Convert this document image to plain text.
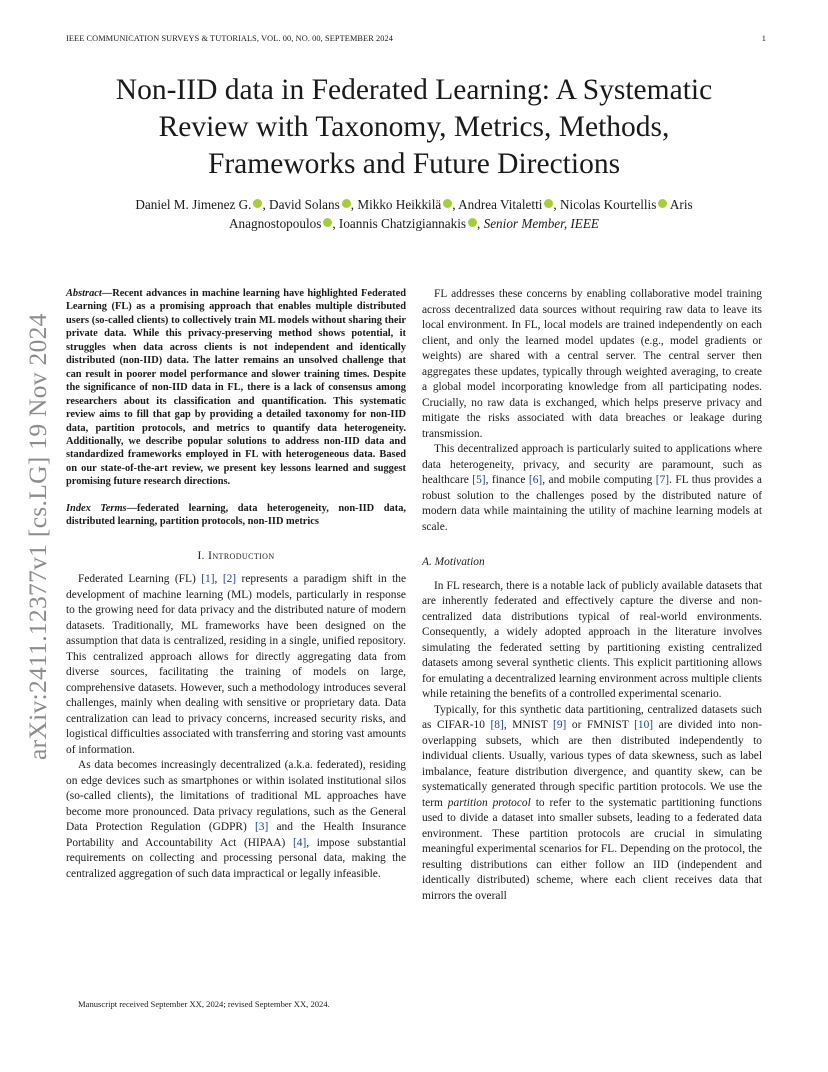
IEEE COMMUNICATION SURVEYS & TUTORIALS, VOL. 00, NO. 00, SEPTEMBER 2024	1
Non-IID data in Federated Learning: A Systematic
Review with Taxonomy, Metrics, Methods,
Frameworks and Future Directions
Daniel M. Jimenez G. , David Solans , Mikko Heikkilä , Andrea Vitaletti , Nicolas Kourtellis Aris
Anagnostopoulos , Ioannis Chatzigiannakis , Senior Member, IEEE
arXiv:2411.12377v1 [cs.LG] 19 Nov 2024

Abstract—Recent advances in machine learning have highlighted Federated Learning (FL) as a promising approach that enables multiple distributed users (so-called clients) to collectively train ML models without sharing their private data. While this privacy-preserving method shows potential, it struggles when data across clients is not independent and identically distributed (non-IID) data. The latter remains an unsolved challenge that can result in poorer model performance and slower training times. Despite the significance of non-IID data in FL, there is a lack of consensus among researchers about its classification and quantification. This systematic review aims to fill that gap by providing a detailed taxonomy for non-IID data, partition protocols, and metrics to quantify data heterogeneity. Additionally, we describe popular solutions to address non-IID data and standardized frameworks employed in FL with heterogeneous data. Based on our state-of-the-art review, we present key lessons learned and suggest promising future research directions.

Index Terms—federated learning, data heterogeneity, non-IID data, distributed learning, partition protocols, non-IID metrics

I. Introduction

Federated Learning (FL) [1], [2] represents a paradigm shift in the development of machine learning (ML) models, particularly in response to the growing need for data privacy and the distributed nature of modern datasets. Traditionally, ML frameworks have been designed on the assumption that data is centralized, residing in a single, unified repository. This centralized approach allows for directly aggregating data from diverse sources, facilitating the training of models on large, comprehensive datasets. However, such a methodology introduces several challenges, mainly when dealing with sensitive or proprietary data. Data centralization can lead to privacy concerns, increased security risks, and logistical difficulties associated with transferring and storing vast amounts of information.

As data becomes increasingly decentralized (a.k.a. federated), residing on edge devices such as smartphones or within isolated institutional silos (so-called clients), the limitations of traditional ML approaches have become more pronounced. Data privacy regulations, such as the General Data Protection Regulation (GDPR) [3] and the Health Insurance Portability and Accountability Act (HIPAA) [4], impose substantial requirements on collecting and processing personal data, making the centralized aggregation of such data impractical or legally infeasible.

FL addresses these concerns by enabling collaborative model training across decentralized data sources without requiring raw data to leave its local environment. In FL, local models are trained independently on each client, and only the learned model updates (e.g., model gradients or weights) are shared with a central server. The central server then aggregates these updates, typically through weighted averaging, to create a global model incorporating knowledge from all participating nodes. Crucially, no raw data is exchanged, which helps preserve privacy and mitigate the risks associated with data breaches or leakage during transmission.

This decentralized approach is particularly suited to applications where data heterogeneity, privacy, and security are paramount, such as healthcare [5], finance [6], and mobile computing [7]. FL thus provides a robust solution to the challenges posed by the distributed nature of modern data while maintaining the utility of machine learning models at scale.

A. Motivation

In FL research, there is a notable lack of publicly available datasets that are inherently federated and effectively capture the diverse and non-centralized data distributions typical of real-world environments. Consequently, a widely adopted approach in the literature involves simulating the federated setting by partitioning existing centralized datasets among several synthetic clients. This explicit partitioning allows for emulating a decentralized learning environment across multiple clients while retaining the benefits of a controlled experimental scenario.

Typically, for this synthetic data partitioning, centralized datasets such as CIFAR-10 [8], MNIST [9] or FMNIST [10] are divided into non-overlapping subsets, which are then distributed independently to individual clients. Usually, various types of data skewness, such as label imbalance, feature distribution divergence, and quantity skew, can be systematically generated through specific partition protocols. We use the term partition protocol to refer to the systematic partitioning functions used to divide a dataset into smaller subsets, leading to a federated data environment. These partition protocols are crucial in simulating meaningful experimental scenarios for FL. Depending on the protocol, the resulting distributions can either follow an IID (independent and identically distributed) scheme, where each client receives data that mirrors the overall

Manuscript received September XX, 2024; revised September XX, 2024.
